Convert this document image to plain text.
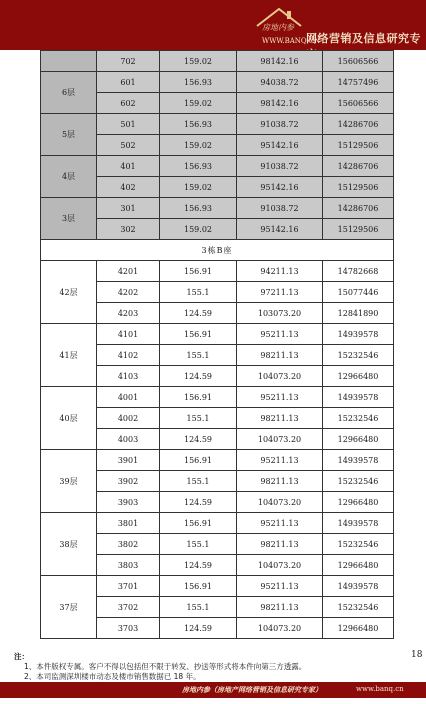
房地内参
WWW.BANQ.CN
网络营销及信息研究专
	702	159.02	98142.16	15606566
6层	601	156.93	94038.72	14757496
	602	159.02	98142.16	15606566
5层	501	156.93	91038.72	14286706
	502	159.02	95142.16	15129506
4层	401	156.93	91038.72	14286706
	402	159.02	95142.16	15129506
3层	301	156.93	91038.72	14286706
	302	159.02	95142.16	15129506
3栋B座				
42层	4201	156.91	94211.13	14782668
	4202	155.1	97211.13	15077446
	4203	124.59	103073.20	12841890
41层	4101	156.91	95211.13	14939578
	4102	155.1	98211.13	15232546
	4103	124.59	104073.20	12966480
40层	4001	156.91	95211.13	14939578
	4002	155.1	98211.13	15232546
	4003	124.59	104073.20	12966480
39层	3901	156.91	95211.13	14939578
	3902	155.1	98211.13	15232546
	3903	124.59	104073.20	12966480
38层	3801	156.91	95211.13	14939578
	3802	155.1	98211.13	15232546
	3803	124.59	104073.20	12966480
37层	3701	156.91	95211.13	14939578
	3702	155.1	98211.13	15232546
	3703	124.59	104073.20	12966480
18
注：
1、本件版权专属。客户不得以包括但不限于转发、抄送等形式将本件向第三方透露。
2、本司监测深圳楼市动态及楼市销售数据已 18 年。
房地内参（房地产网络营销及信息研究专家）	www.banq.cn
